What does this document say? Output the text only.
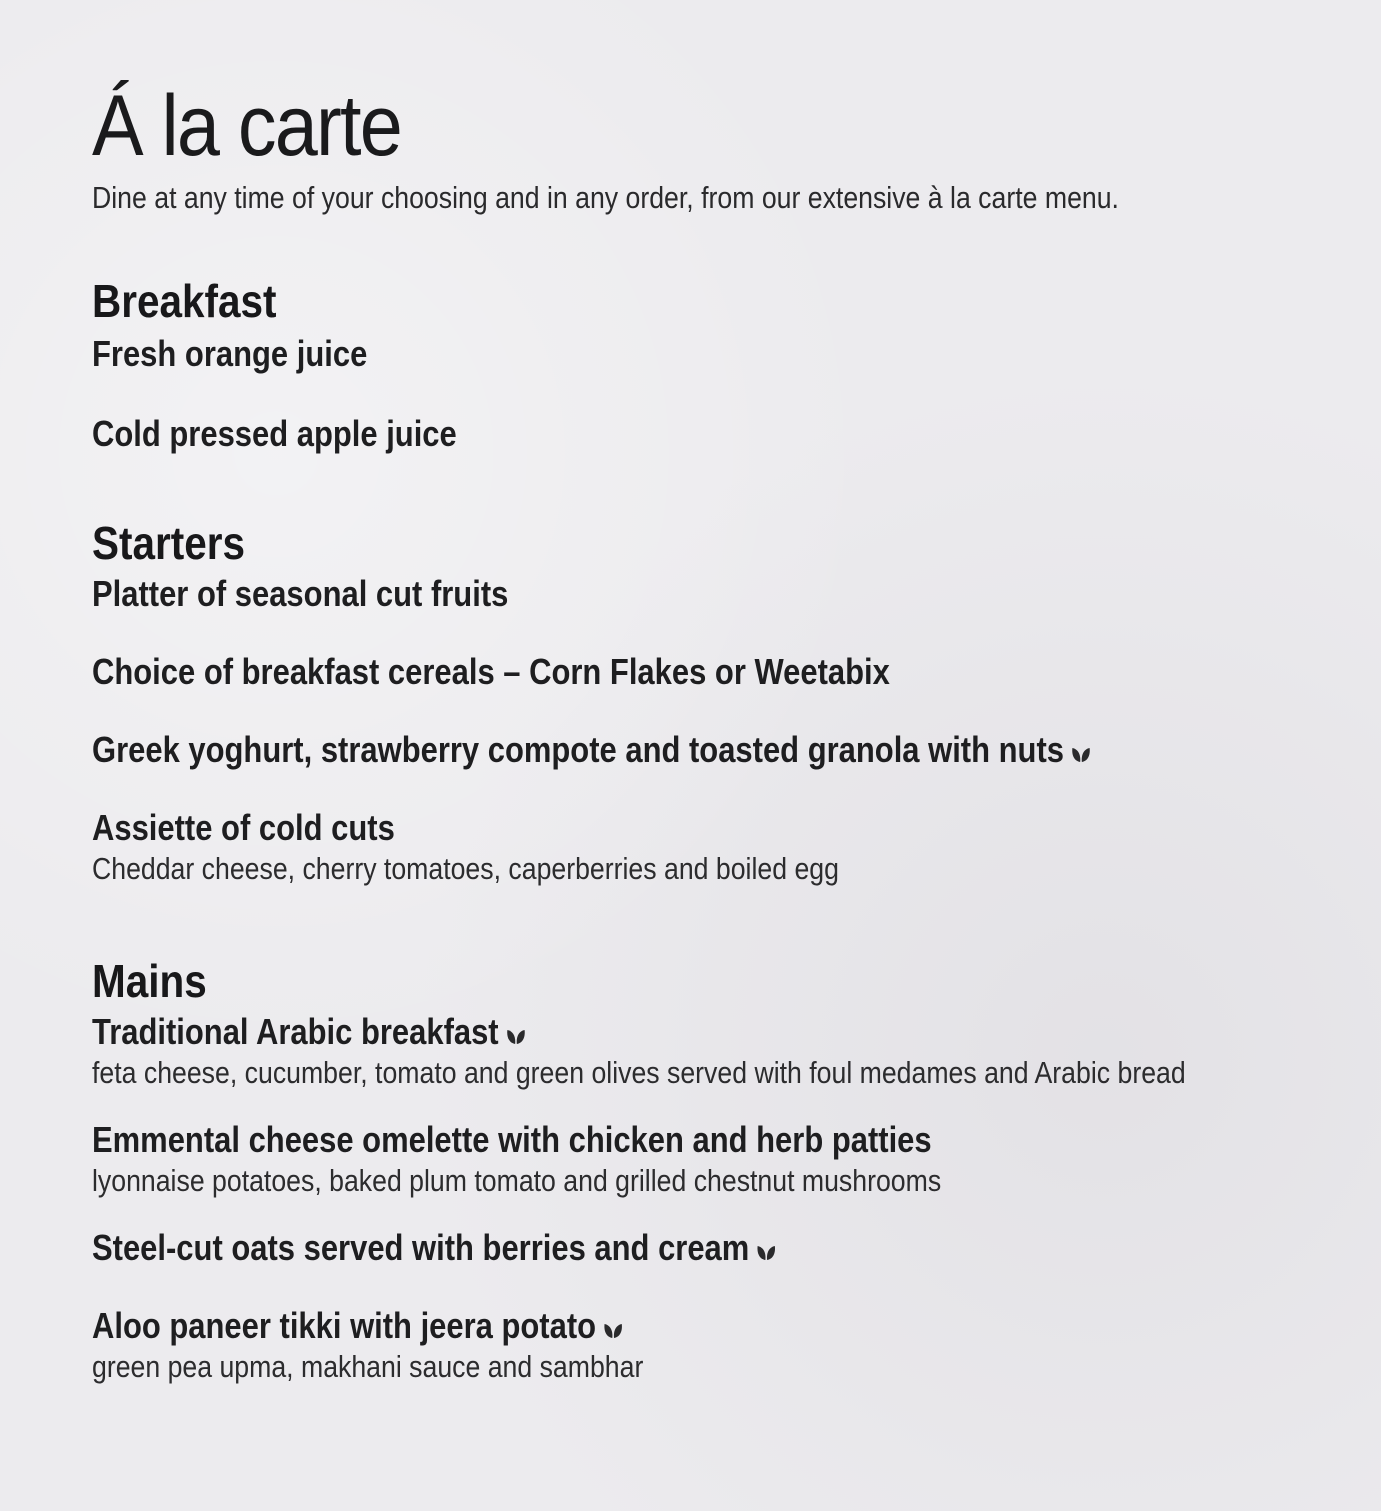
Á la carte

Dine at any time of your choosing and in any order, from our extensive à la carte menu.

Breakfast
Fresh orange juice
Cold pressed apple juice
Starters
Platter of seasonal cut fruits
Choice of breakfast cereals – Corn Flakes or Weetabix
Greek yoghurt, strawberry compote and toasted granola with nuts
Assiette of cold cuts
Cheddar cheese, cherry tomatoes, caperberries and boiled egg
Mains
Traditional Arabic breakfast
feta cheese, cucumber, tomato and green olives served with foul medames and Arabic bread
Emmental cheese omelette with chicken and herb patties
lyonnaise potatoes, baked plum tomato and grilled chestnut mushrooms
Steel-cut oats served with berries and cream
Aloo paneer tikki with jeera potato
green pea upma, makhani sauce and sambhar
